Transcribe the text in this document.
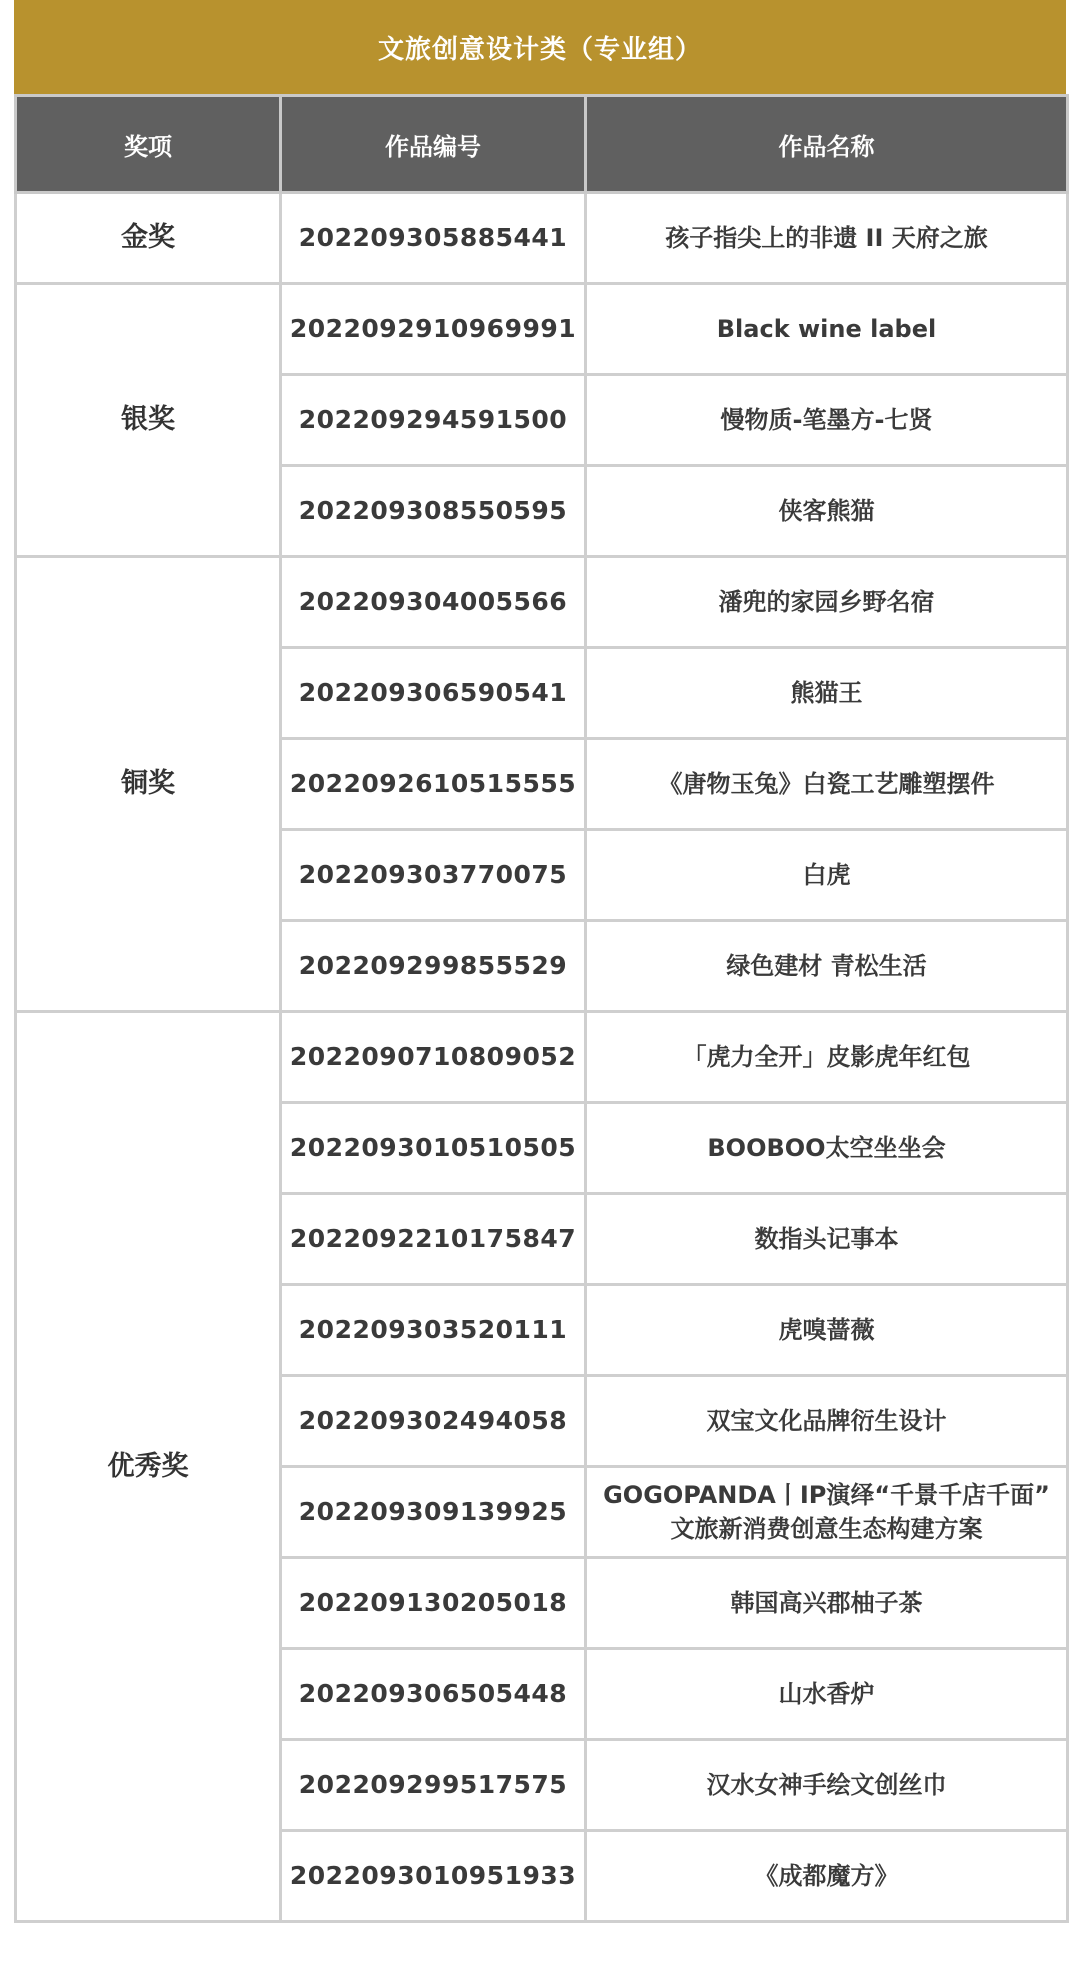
文旅创意设计类（专业组）
奖项	作品编号	作品名称
金奖	202209305885441	孩子指尖上的非遗 II 天府之旅
银奖	202209291096999​1	Black wine label
	202209294591500	慢物质-笔墨方-七贤
	202209308550595	侠客熊猫
铜奖	202209304005566	潘兜的家园乡野名宿
	202209306590541	熊猫王
	2022092610515555	《唐物玉兔》白瓷工艺雕塑摆件
	202209303770075	白虎
	202209299855529	绿色建材 青松生活
优秀奖	2022090710809052	「虎力全开」皮影虎年红包
	2022093010510505	BOOBOO太空坐坐会
	2022092210175847	数指头记事本
	202209303520111	虎嗅蔷薇
	202209302494058	双宝文化品牌衍生设计
	202209309139925	GOGOPANDA丨IP演绎“千景千店千面”
文旅新消费创意生态构建方案
	202209130205018	韩国高兴郡柚子茶
	202209306505448	山水香炉
	202209299517575	汉水女神手绘文创丝巾
	2022093010951933	《成都魔方》
